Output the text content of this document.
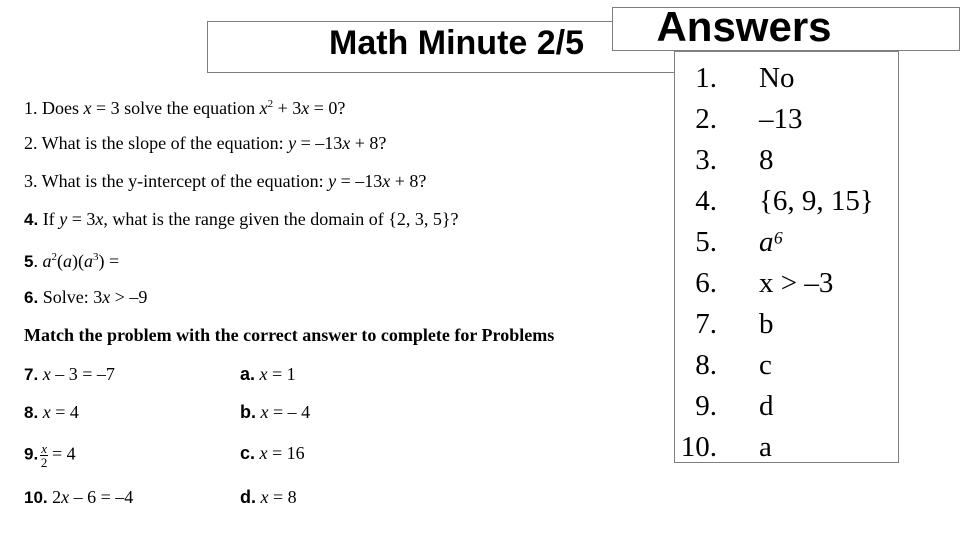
Math Minute 2/5
1. Does x = 3 solve the equation $x^2 + 3x = 0$?
2. What is the slope of the equation: y = –13x + 8?
3. What is the y-intercept of the equation: y = –13x + 8?
4. If y = 3x, what is the range given the domain of {2, 3, 5}?
5. $a^2(a)(a^3)$ =
6. Solve: 3x > –9
Match the problem with the correct answer to complete for Problems
7. x – 3 = –7	a. x = 1
8. x = 4	b. x = – 4
9. $\frac{x}{2} = 4$	c. x = 16
10. 2x – 6 = –4	d. x = 8
Answers
1. No
2. –13
3. 8
4. {6, 9, 15}
5. a⁶
6. x > –3
7. b
8. c
9. d
10. a
